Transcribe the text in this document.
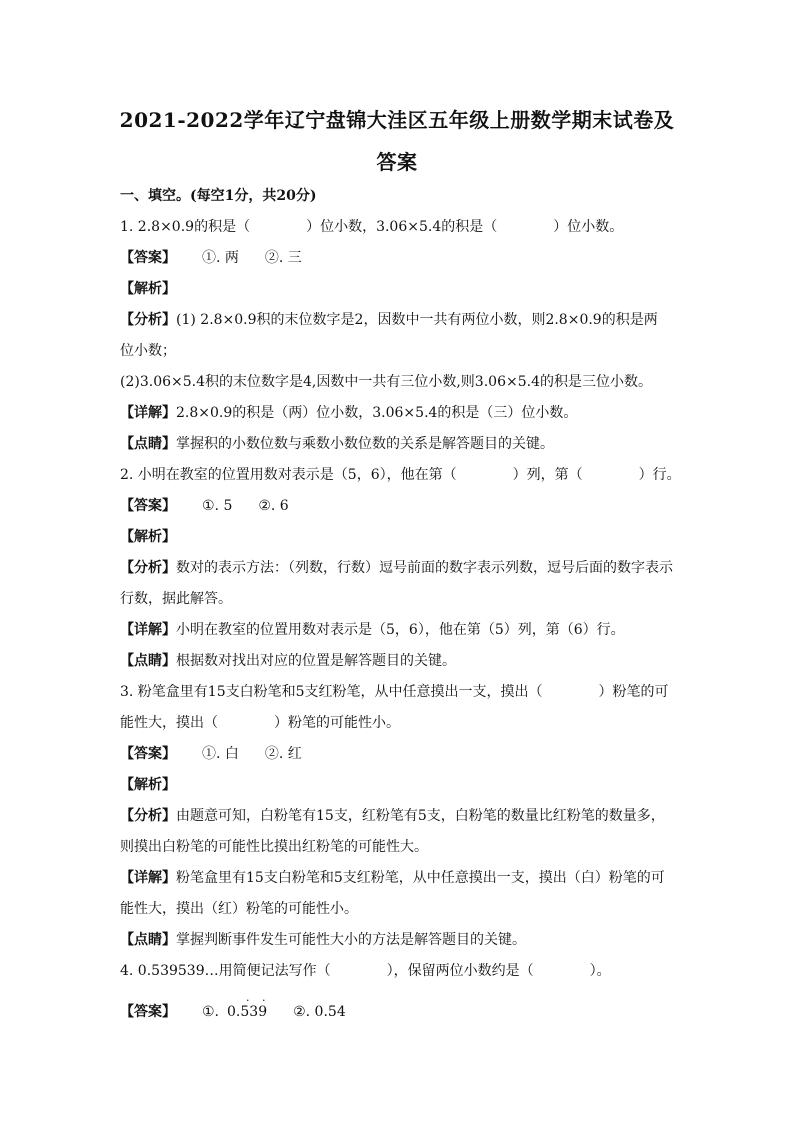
2021-2022学年辽宁盘锦大洼区五年级上册数学期末试卷及
答案
一、填空。(每空1分，共20分)
1. 2.8×0.9的积是（	）位小数，3.06×5.4的积是（	）位小数。
【答案】 ①. 两 ②. 三
【解析】
【分析】(1) 2.8×0.9积的末位数字是2，因数中一共有两位小数，则2.8×0.9的积是两
位小数；
(2)3.06×5.4积的末位数字是4,因数中一共有三位小数,则3.06×5.4的积是三位小数。
【详解】2.8×0.9的积是（两）位小数，3.06×5.4的积是（三）位小数。
【点睛】掌握积的小数位数与乘数小数位数的关系是解答题目的关键。
2. 小明在教室的位置用数对表示是（5，6），他在第（	）列，第（	）行。
【答案】 ①. 5 ②. 6
【解析】
【分析】数对的表示方法：（列数，行数）逗号前面的数字表示列数，逗号后面的数字表示
行数，据此解答。
【详解】小明在教室的位置用数对表示是（5，6），他在第（5）列，第（6）行。
【点睛】根据数对找出对应的位置是解答题目的关键。
3. 粉笔盒里有15支白粉笔和5支红粉笔，从中任意摸出一支，摸出（	）粉笔的可
能性大，摸出（	）粉笔的可能性小。
【答案】 ①. 白 ②. 红
【解析】
【分析】由题意可知，白粉笔有15支，红粉笔有5支，白粉笔的数量比红粉笔的数量多，
则摸出白粉笔的可能性比摸出红粉笔的可能性大。
【详解】粉笔盒里有15支白粉笔和5支红粉笔，从中任意摸出一支，摸出（白）粉笔的可
能性大，摸出（红）粉笔的可能性小。
【点睛】掌握判断事件发生可能性大小的方法是解答题目的关键。
4. 0.539539…用简便记法写作（	），保留两位小数约是（	）。
【答案】 ①. 0.539
· ·
②. 0.54
